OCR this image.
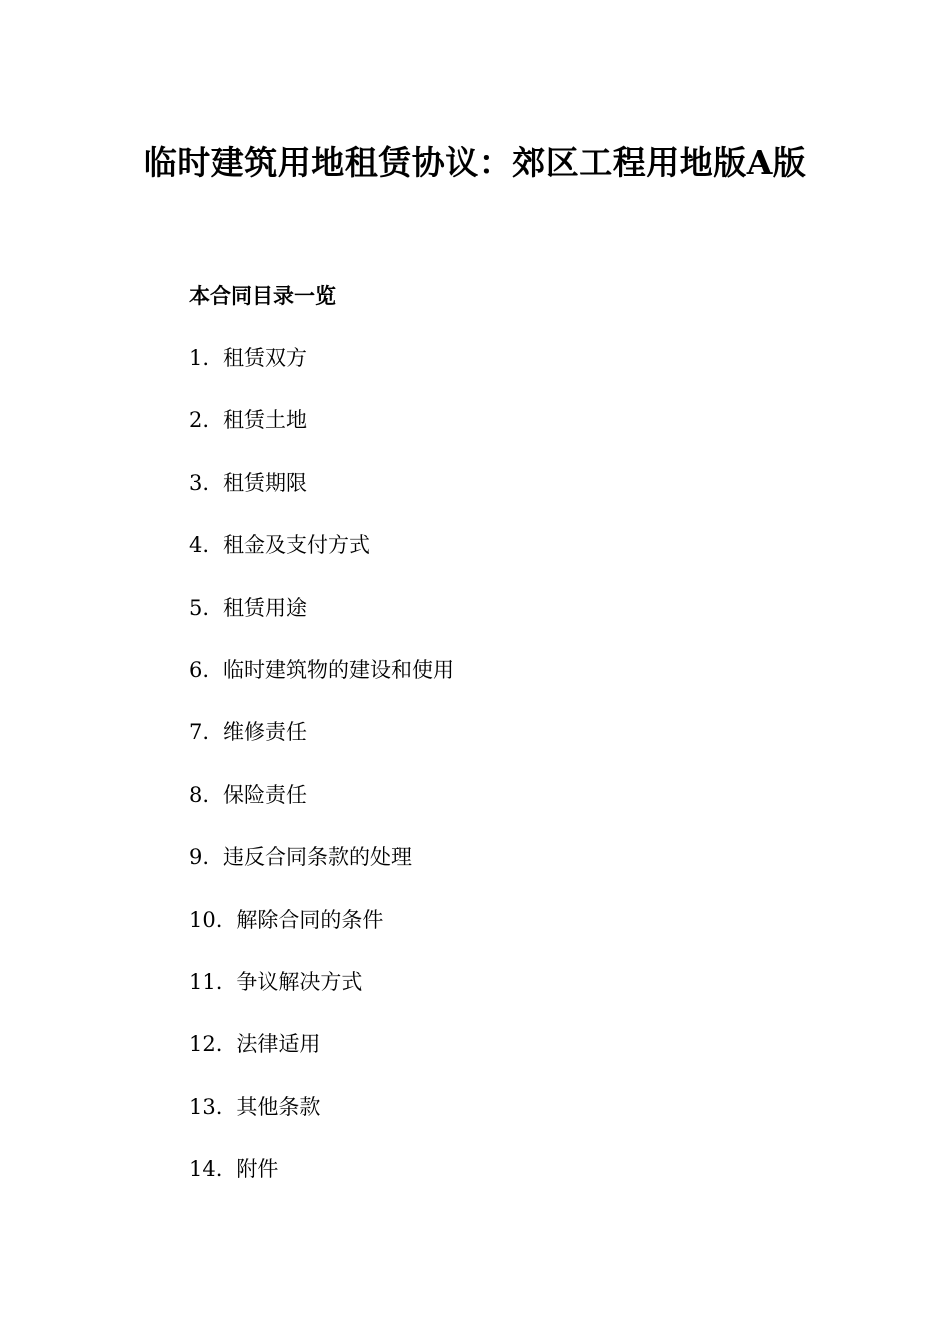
临时建筑用地租赁协议：郊区工程用地版A版
本合同目录一览
1. 租赁双方
2. 租赁土地
3. 租赁期限
4. 租金及支付方式
5. 租赁用途
6. 临时建筑物的建设和使用
7. 维修责任
8. 保险责任
9. 违反合同条款的处理
10. 解除合同的条件
11. 争议解决方式
12. 法律适用
13. 其他条款
14. 附件
